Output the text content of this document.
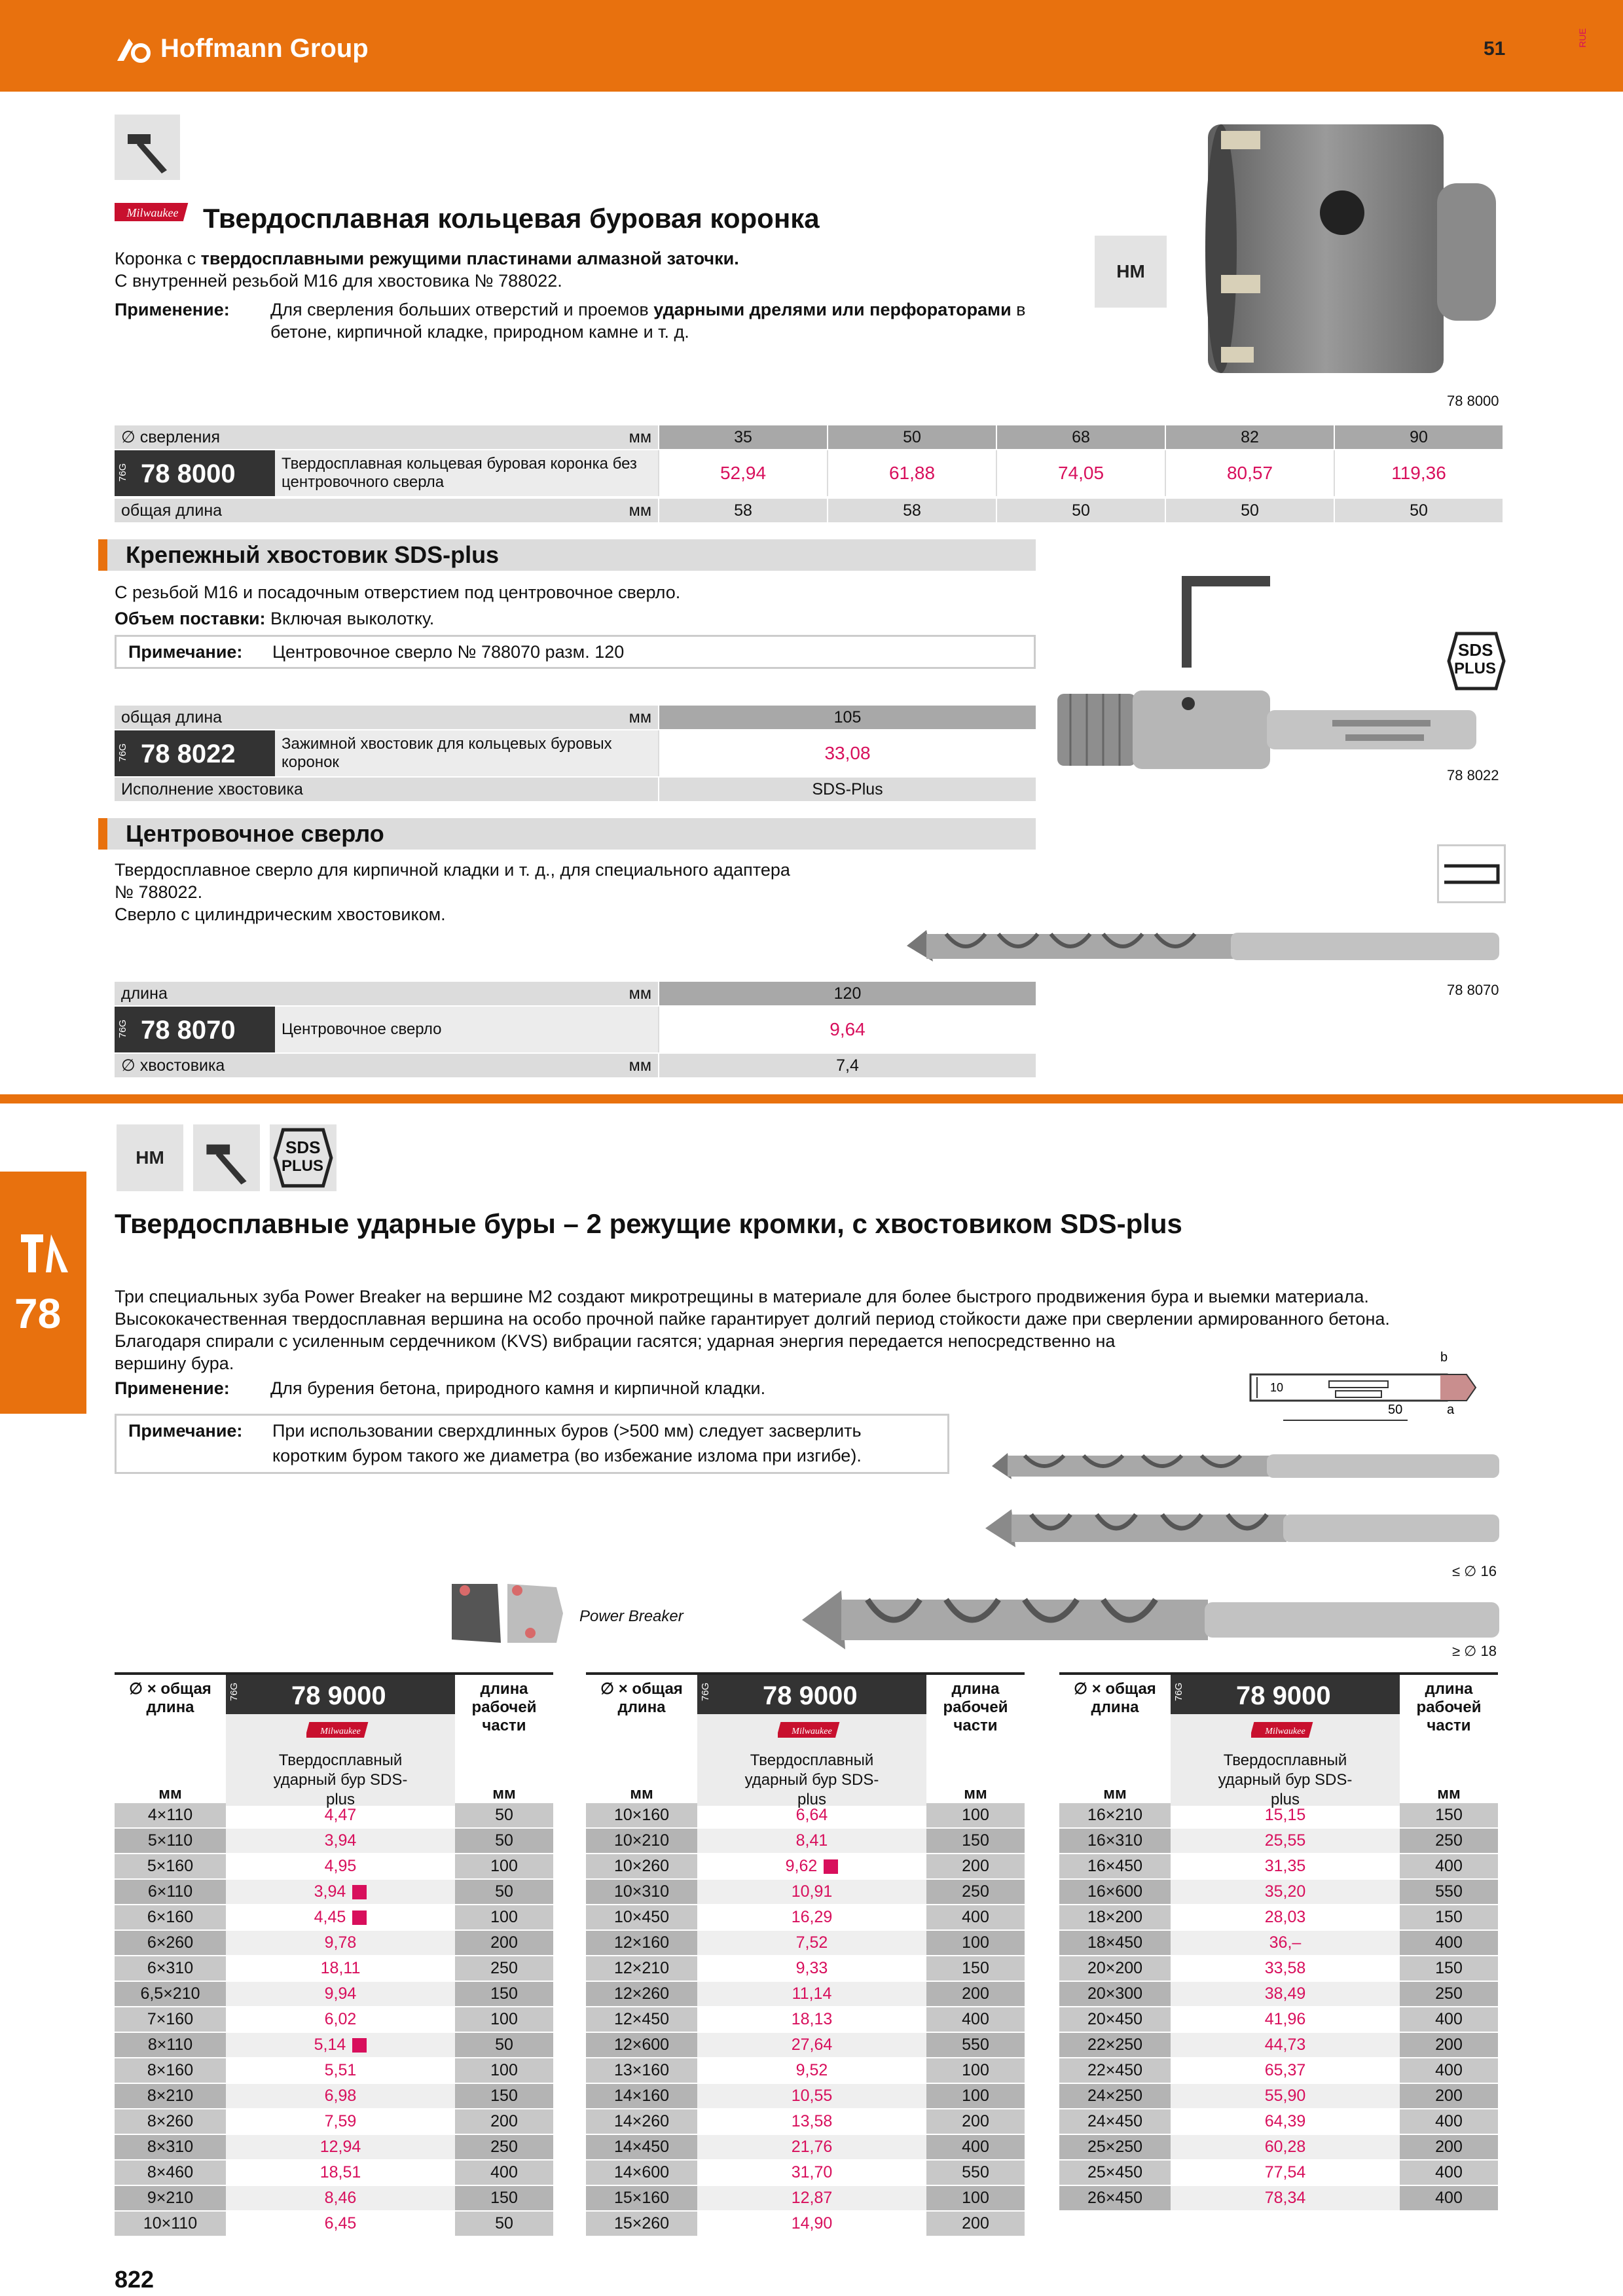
Hoffmann Group	51	RUE
Milwaukee Твердосплавная кольцевая буровая коронка
Коронка с твердосплавными режущими пластинами алмазной заточки.
С внутренней резьбой M16 для хвостовика № 788022.
Применение: Для сверления больших отверстий и проемов ударными дрелями или перфораторами в
бетоне, кирпичной кладке, природном камне и т. д.
HM
78 8000
∅ сверления	мм	35	50	68	82	90
76G 78 8000	Твердосплавная кольцевая буровая коронка без центровочного сверла	52,94	61,88	74,05	80,57	119,36
общая длина	мм	58	58	50	50	50
Крепежный хвостовик SDS-plus
С резьбой M16 и посадочным отверстием под центровочное сверло.
Объем поставки: Включая выколотку.
Примечание: Центровочное сверло № 788070 разм. 120	SDS
PLUS
78 8022
общая длина	мм	105
76G 78 8022	Зажимной хвостовик для кольцевых буровых коронок	33,08
Исполнение хвостовика	SDS-Plus
Центровочное сверло
Твердосплавное сверло для кирпичной кладки и т. д., для специального адаптера
№ 788022.
Сверло с цилиндрическим хвостовиком.
78 8070
длина	мм	120
76G 78 8070	Центровочное сверло	9,64
∅ хвостовика	мм	7,4
78
HM	SDS
PLUS
Твердосплавные ударные буры – 2 режущие кромки, с хвостовиком SDS-plus
Три специальных зуба Power Breaker на вершине M2 создают микротрещины в материале для более быстрого продвижения бура и выемки материала.
Высококачественная твердосплавная вершина на особо прочной пайке гарантирует долгий период стойкости даже при сверлении армированного бетона.
Благодаря спирали с усиленным сердечником (KVS) вибрации гасятся; ударная энергия передается непосредственно на
вершину бура.
Применение: Для бурения бетона, природного камня и кирпичной кладки.
Примечание: При использовании сверхдлинных буров (>500 мм) следует засверлить
коротким буром такого же диаметра (во избежание излома при изгибе).
50
10
b
a
≤ ∅ 16
≥ ∅ 18
Power Breaker
∅ × общая длина
76G 78 9000
Milwaukee
Твердосплавный ударный бур SDS-plus
длина рабочей части
мм	мм
4×110	4,47	50
5×110	3,94	50
5×160	4,95	100
6×110	3,94	50
6×160	4,45	100
6×260	9,78	200
6×310	18,11	250
6,5×210	9,94	150
7×160	6,02	100
8×110	5,14	50
8×160	5,51	100
8×210	6,98	150
8×260	7,59	200
8×310	12,94	250
8×460	18,51	400
9×210	8,46	150
10×110	6,45	50
∅ × общая длина
76G 78 9000
Milwaukee
Твердосплавный ударный бур SDS-plus
длина рабочей части
мм	мм
10×160	6,64	100
10×210	8,41	150
10×260	9,62	200
10×310	10,91	250
10×450	16,29	400
12×160	7,52	100
12×210	9,33	150
12×260	11,14	200
12×450	18,13	400
12×600	27,64	550
13×160	9,52	100
14×160	10,55	100
14×260	13,58	200
14×450	21,76	400
14×600	31,70	550
15×160	12,87	100
15×260	14,90	200
∅ × общая длина
76G 78 9000
Milwaukee
Твердосплавный ударный бур SDS-plus
длина рабочей части
мм	мм
16×210	15,15	150
16×310	25,55	250
16×450	31,35	400
16×600	35,20	550
18×200	28,03	150
18×450	36,–	400
20×200	33,58	150
20×300	38,49	250
20×450	41,96	400
22×250	44,73	200
22×450	65,37	400
24×250	55,90	200
24×450	64,39	400
25×250	60,28	200
25×450	77,54	400
26×450	78,34	400
822
